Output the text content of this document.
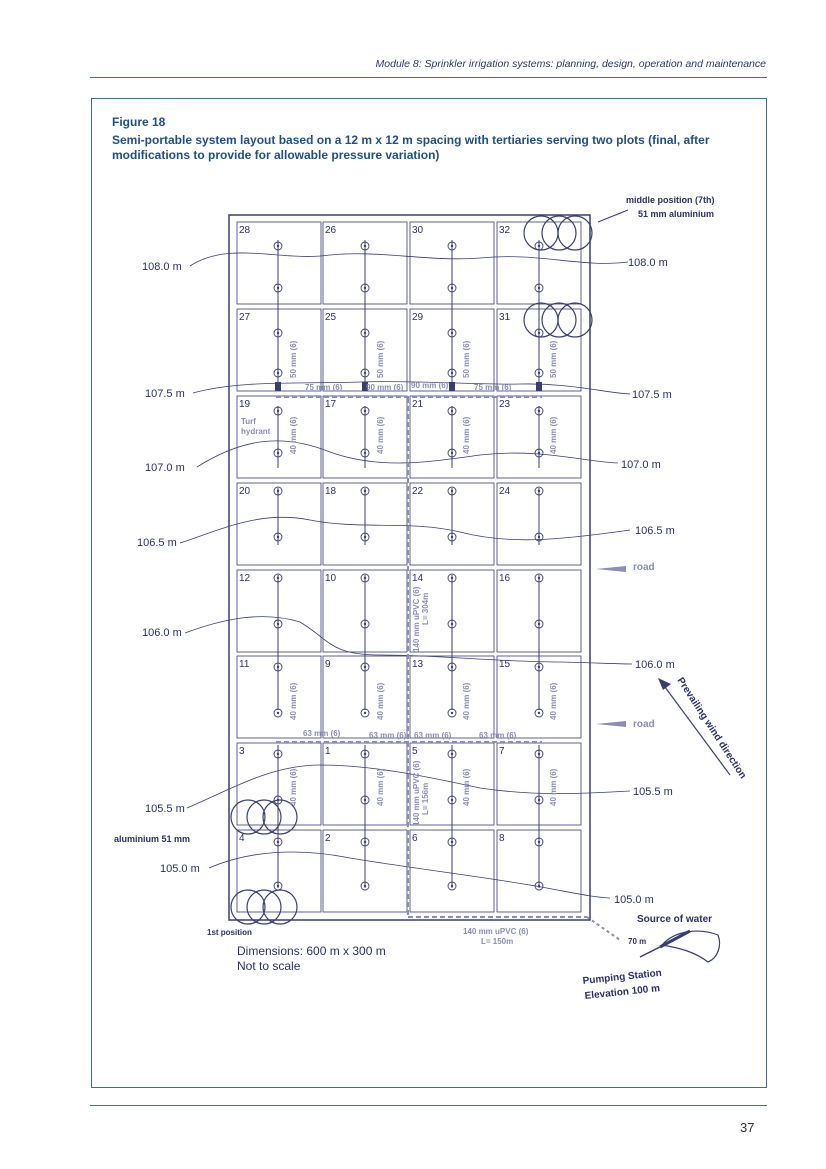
Module 8: Sprinkler irrigation systems: planning, design, operation and maintenance
Figure 18
Semi-portable system layout based on a 12 m x 12 m spacing with tertiaries serving two plots (final, after modifications to provide for allowable pressure variation)
28	26	30	32
27	25	29	31
19	17	21	23
20	18	22	24
12	10	14	16
11	9	13	15
3	1	5	7
4	2	6	8
108.0 m
107.5 m
107.0 m
106.5 m
106.0 m
105.5 m
105.0 m
108.0 m
107.5 m
107.0 m
106.5 m
106.0 m
105.5 m
105.0 m
75 mm (6)	90 mm (6) 90 mm (6)	75 mm (6)
63 mm (6)	63 mm (6) 63 mm (6)	63 mm (6)
50 mm (6)	50 mm (6)	50 mm (6)	50 mm (6)
40 mm (6)	40 mm (6)	40 mm (6)	40 mm (6)
40 mm (6)	40 mm (6)	40 mm (6)	40 mm (6)
40 mm (6)	40 mm (6)	40 mm (6)	40 mm (6)
140 mm uPVC (6) L= 304m
140 mm uPVC (6) L= 156m
140 mm uPVC (6)
L= 150m
middle position (7th)
51 mm aluminium
Turf
hydrant
aluminium 51 mm
1st position
road
road Prevailing wind direction
Source of water
70 m
Pumping Station
Elevation 100 m
Dimensions: 600 m x 300 m
Not to scale
37
